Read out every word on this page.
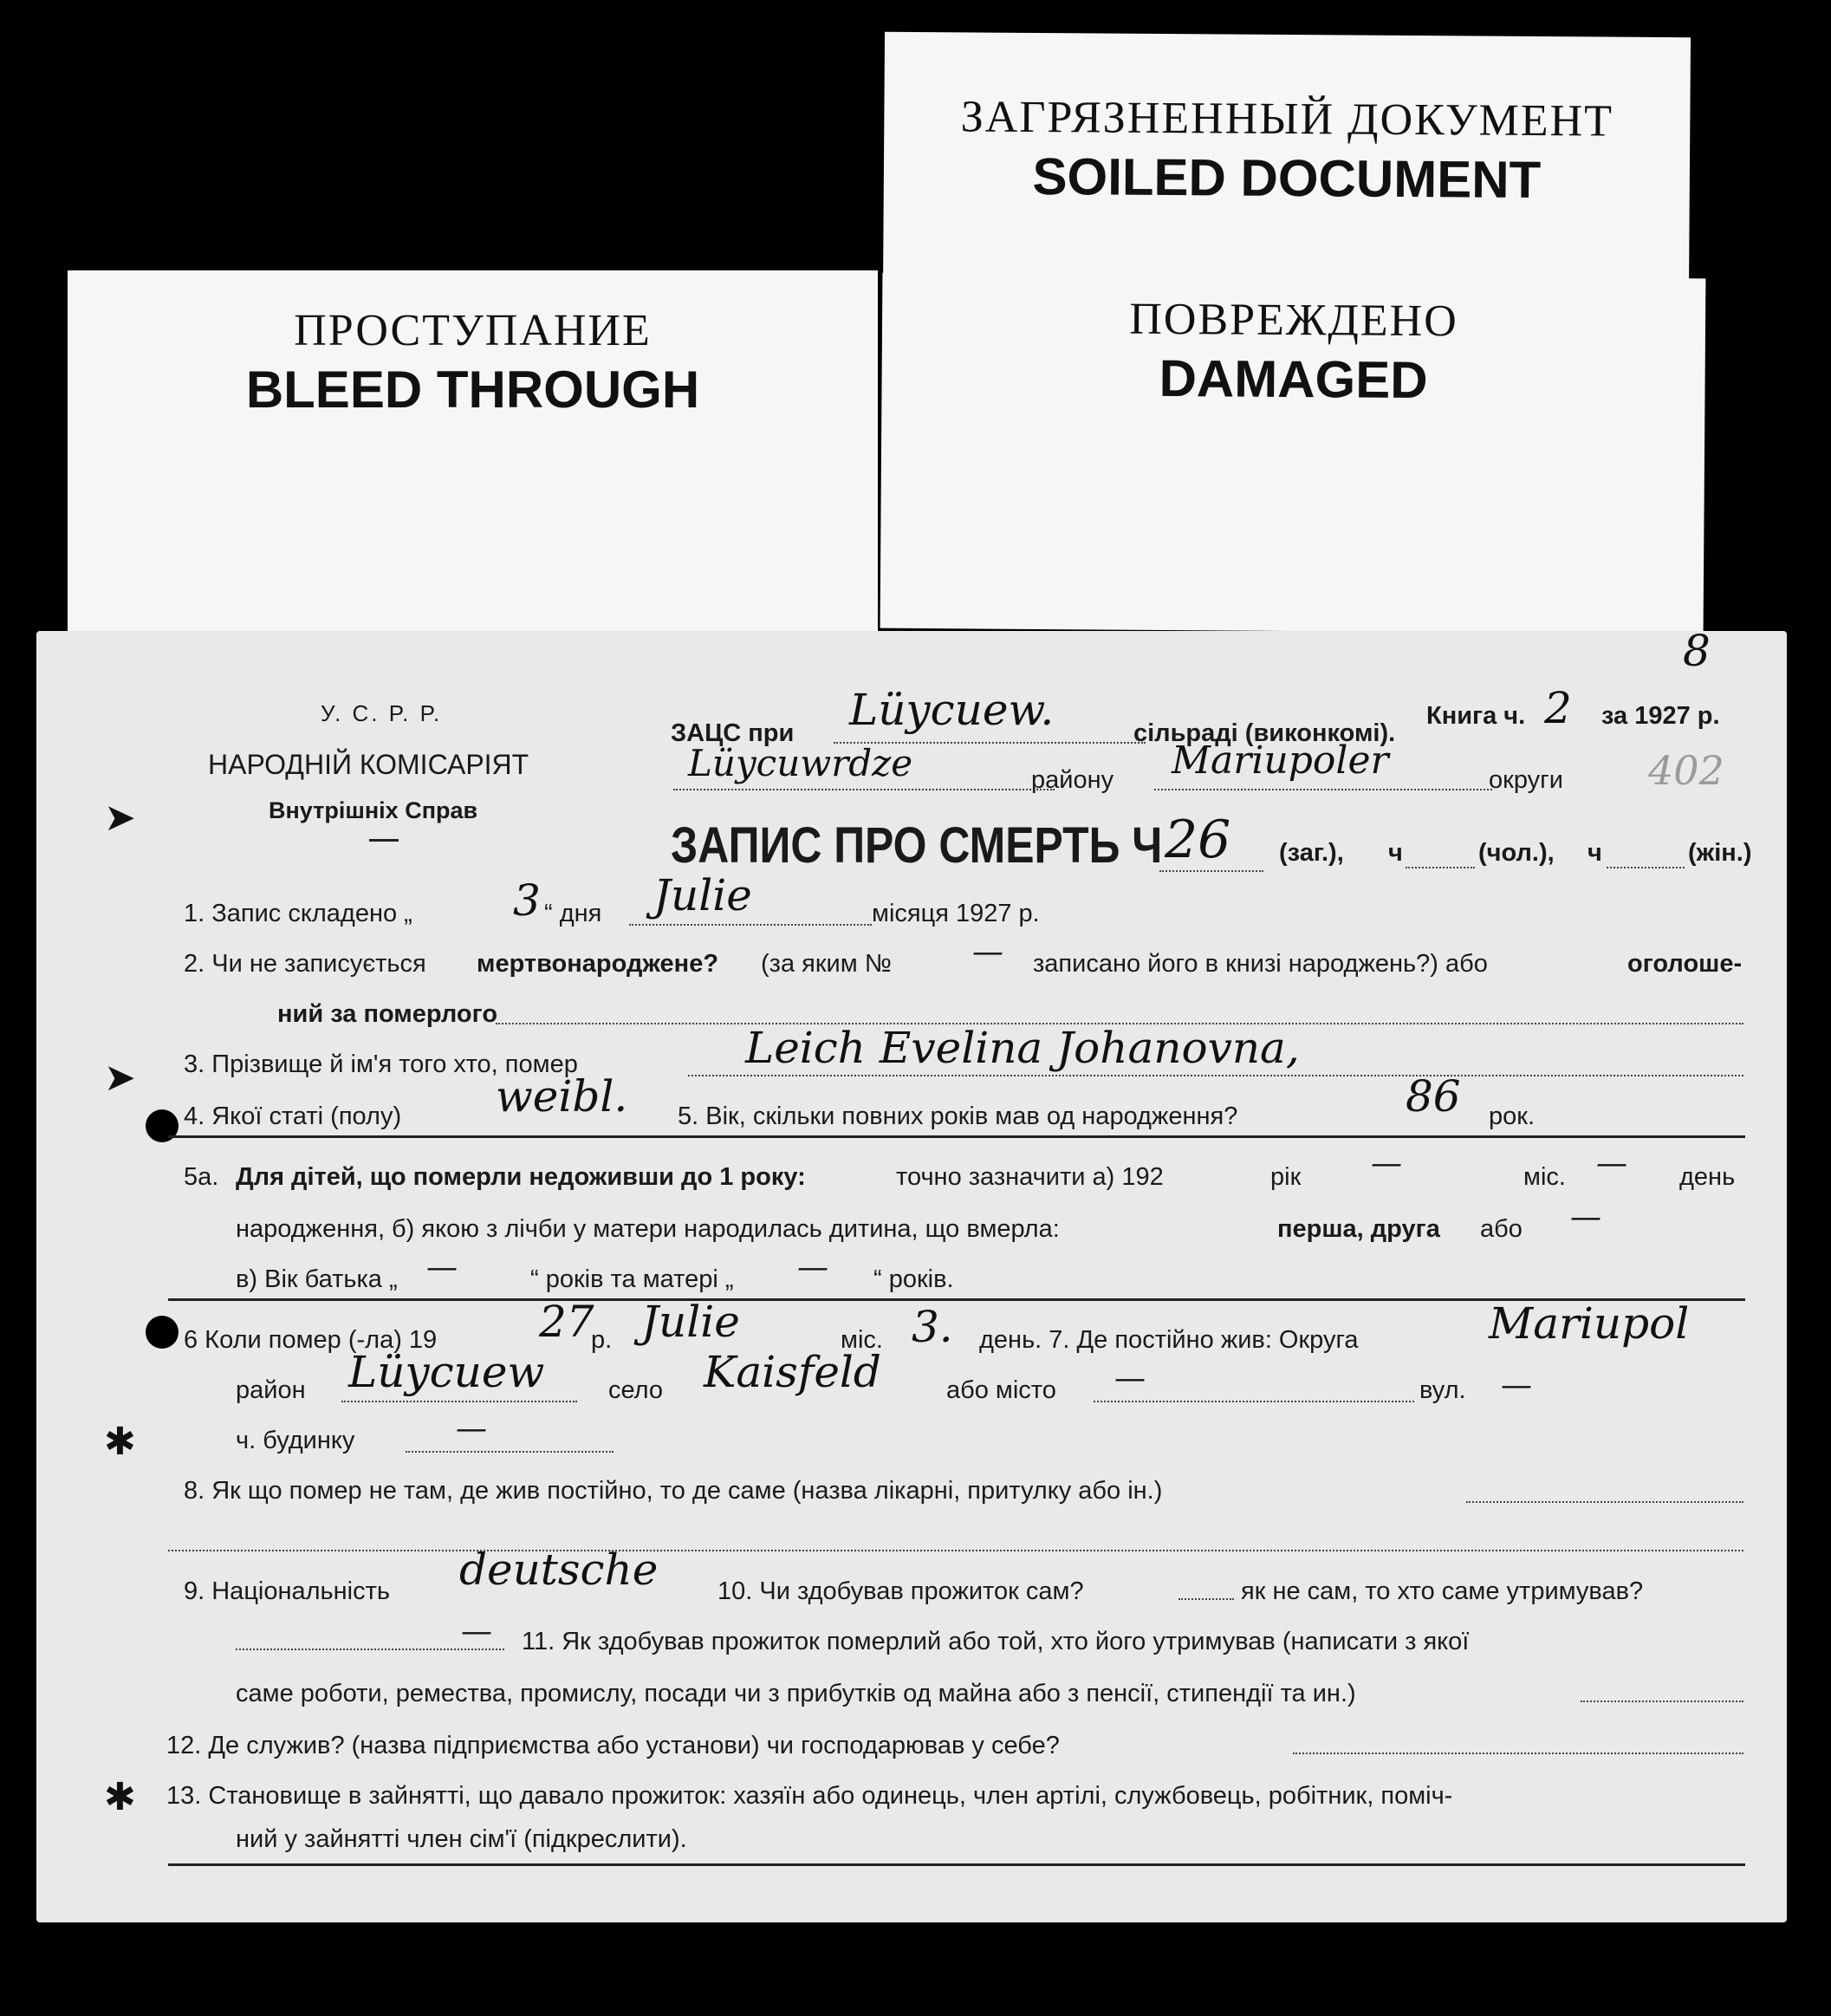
ЗАГРЯЗНЕННЫЙ ДОКУМЕНТ
SOILED DOCUMENT
ПРОСТУПАНИЕ
BLEED THROUGH
ПОВРЕЖДЕНО
DAMAGED
➤
➤
✱
✱
У. С. Р. Р.
НАРОДНІЙ КОМІСАРІЯТ
Внутрішніх Справ
ЗАЦС при Lüycuew.	сільраді (виконкомі).
Книга ч. 2
8
за 1927 р.
402
Lüycuwrdze	району Mariupoler	округи
ЗАПИС ПРО СМЕРТЬ Ч 26 (заг.), ч	(чол.), ч	(жін.)
1. Запис складено „ 3 “ дня Julie	місяця 1927 р.
2. Чи не записується мертвонароджене? (за яким №	— записано його в книзі народжень?) або	оголоше-
ний за померлого
3. Прізвище й ім'я того хто, помер	Leich Evelina Johanovna,
4. Якої статі (полу) weibl. 5. Вік, скільки повних років мав од народження?	86 рок.
5а. Для дітей, що померли недоживши до 1 року:	точно зазначити а) 192	рік —	міс. — день
народження, б) якою з лічби у матери народилась дитина, що вмерла:	перша, друга або —
в) Вік батька „ —	“ років та матері „ — “ років.
6 Коли помер (-ла) 19 27
р. Julie	міс. 3. день. 7. Де постійно жив: Округа	Mariupol
район Lüycuew	село Kaisfeld	або місто —	вул. —
ч. будинку	—
8. Як що помер не там, де жив постійно, то де саме (назва лікарні, притулку або ін.)
9. Національність deutsche 10. Чи здобував прожиток сам?	як не сам, то хто саме утримував?
— 11. Як здобував прожиток померлий або той, хто його утримував (написати з якої
саме роботи, ремества, промислу, посади чи з прибутків од майна або з пенсії, стипендії та ин.)
12. Де служив? (назва підприємства або установи) чи господарював у себе?
13. Становище в зайнятті, що давало прожиток: хазяїн або одинець, член артілі, службовець, робітник, поміч-
ний у зайнятті член сім'ї (підкреслити).
